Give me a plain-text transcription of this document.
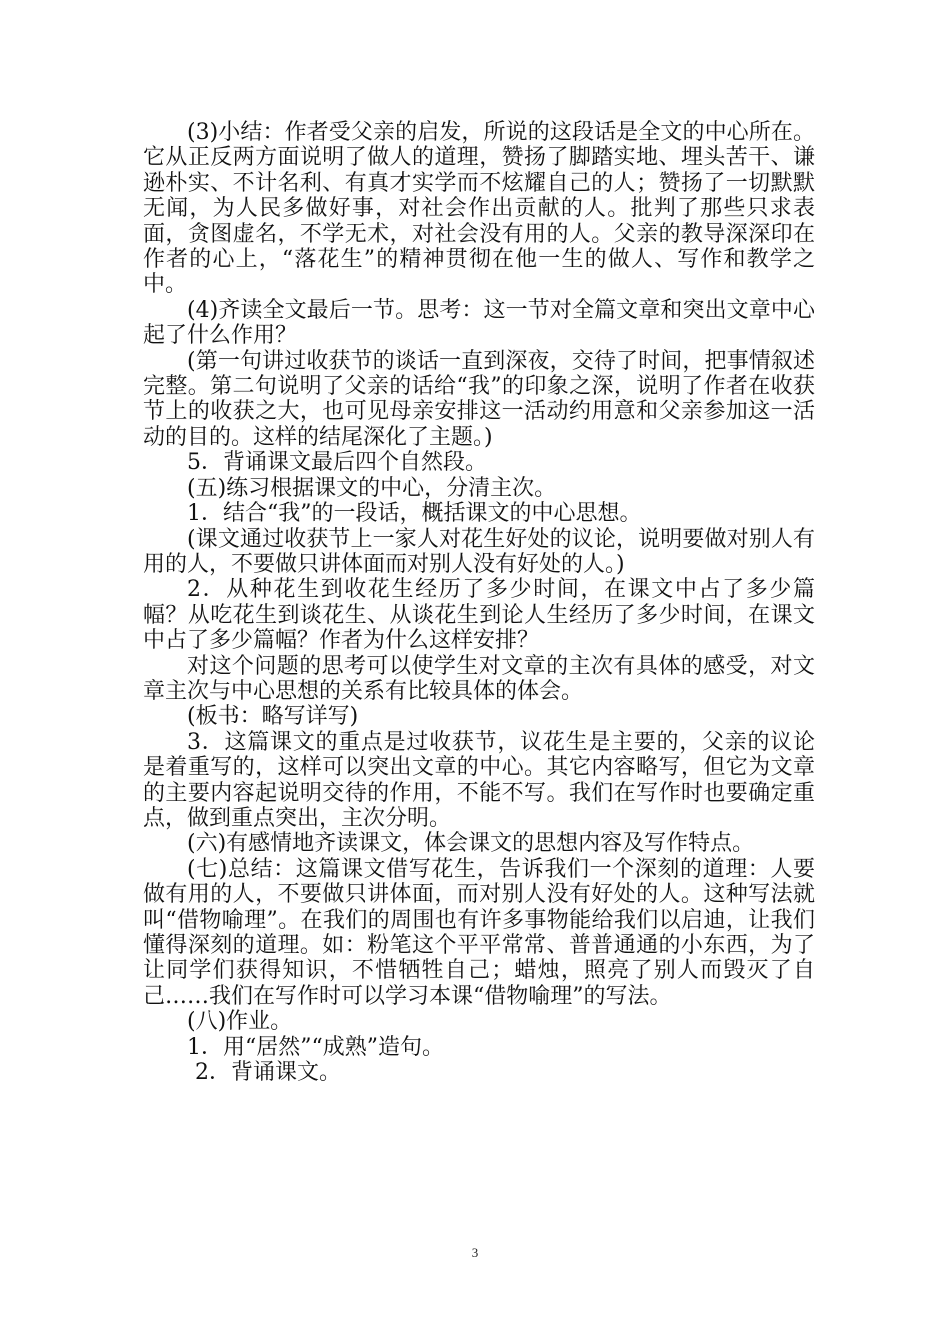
(3)小结：作者受父亲的启发，所说的这段话是全文的中心所在。它从正反两方面说明了做人的道理，赞扬了脚踏实地、埋头苦干、谦逊朴实、不计名利、有真才实学而不炫耀自己的人；赞扬了一切默默无闻，为人民多做好事，对社会作出贡献的人。批判了那些只求表面，贪图虚名，不学无术，对社会没有用的人。父亲的教导深深印在作者的心上，“落花生”的精神贯彻在他一生的做人、写作和教学之中。

(4)齐读全文最后一节。思考：这一节对全篇文章和突出文章中心起了什么作用？

(第一句讲过收获节的谈话一直到深夜，交待了时间，把事情叙述完整。第二句说明了父亲的话给“我”的印象之深，说明了作者在收获节上的收获之大，也可见母亲安排这一活动约用意和父亲参加这一活动的目的。这样的结尾深化了主题。)

5．背诵课文最后四个自然段。

(五)练习根据课文的中心，分清主次。

1．结合“我”的一段话，概括课文的中心思想。

(课文通过收获节上一家人对花生好处的议论，说明要做对别人有用的人，不要做只讲体面而对别人没有好处的人。)

2．从种花生到收花生经历了多少时间，在课文中占了多少篇幅？从吃花生到谈花生、从谈花生到论人生经历了多少时间，在课文中占了多少篇幅？作者为什么这样安排？

对这个问题的思考可以使学生对文章的主次有具体的感受，对文章主次与中心思想的关系有比较具体的体会。

(板书：略写详写)

3．这篇课文的重点是过收获节，议花生是主要的，父亲的议论是着重写的，这样可以突出文章的中心。其它内容略写，但它为文章的主要内容起说明交待的作用，不能不写。我们在写作时也要确定重点，做到重点突出，主次分明。

(六)有感情地齐读课文，体会课文的思想内容及写作特点。

(七)总结：这篇课文借写花生，告诉我们一个深刻的道理：人要做有用的人，不要做只讲体面，而对别人没有好处的人。这种写法就叫“借物喻理”。在我们的周围也有许多事物能给我们以启迪，让我们懂得深刻的道理。如：粉笔这个平平常常、普普通通的小东西，为了让同学们获得知识，不惜牺牲自己；蜡烛，照亮了别人而毁灭了自己……我们在写作时可以学习本课“借物喻理”的写法。

(八)作业。

1．用“居然”“成熟”造句。

2．背诵课文。

3
